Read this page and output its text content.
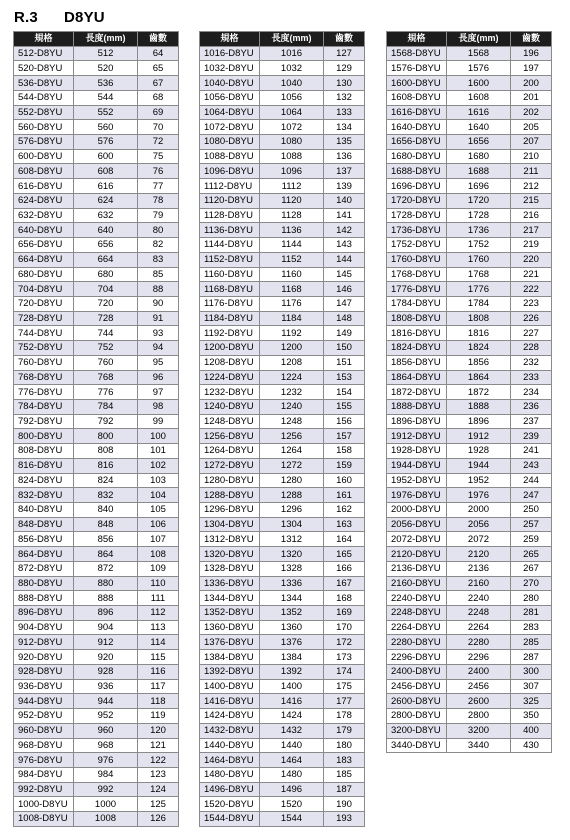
R.3	D8YU
規格	長度(mm)	齒數
512-D8YU	512	64
520-D8YU	520	65
536-D8YU	536	67
544-D8YU	544	68
552-D8YU	552	69
560-D8YU	560	70
576-D8YU	576	72
600-D8YU	600	75
608-D8YU	608	76
616-D8YU	616	77
624-D8YU	624	78
632-D8YU	632	79
640-D8YU	640	80
656-D8YU	656	82
664-D8YU	664	83
680-D8YU	680	85
704-D8YU	704	88
720-D8YU	720	90
728-D8YU	728	91
744-D8YU	744	93
752-D8YU	752	94
760-D8YU	760	95
768-D8YU	768	96
776-D8YU	776	97
784-D8YU	784	98
792-D8YU	792	99
800-D8YU	800	100
808-D8YU	808	101
816-D8YU	816	102
824-D8YU	824	103
832-D8YU	832	104
840-D8YU	840	105
848-D8YU	848	106
856-D8YU	856	107
864-D8YU	864	108
872-D8YU	872	109
880-D8YU	880	110
888-D8YU	888	111
896-D8YU	896	112
904-D8YU	904	113
912-D8YU	912	114
920-D8YU	920	115
928-D8YU	928	116
936-D8YU	936	117
944-D8YU	944	118
952-D8YU	952	119
960-D8YU	960	120
968-D8YU	968	121
976-D8YU	976	122
984-D8YU	984	123
992-D8YU	992	124
1000-D8YU	1000	125
1008-D8YU	1008	126
規格	長度(mm)	齒數
1016-D8YU	1016	127
1032-D8YU	1032	129
1040-D8YU	1040	130
1056-D8YU	1056	132
1064-D8YU	1064	133
1072-D8YU	1072	134
1080-D8YU	1080	135
1088-D8YU	1088	136
1096-D8YU	1096	137
1112-D8YU	1112	139
1120-D8YU	1120	140
1128-D8YU	1128	141
1136-D8YU	1136	142
1144-D8YU	1144	143
1152-D8YU	1152	144
1160-D8YU	1160	145
1168-D8YU	1168	146
1176-D8YU	1176	147
1184-D8YU	1184	148
1192-D8YU	1192	149
1200-D8YU	1200	150
1208-D8YU	1208	151
1224-D8YU	1224	153
1232-D8YU	1232	154
1240-D8YU	1240	155
1248-D8YU	1248	156
1256-D8YU	1256	157
1264-D8YU	1264	158
1272-D8YU	1272	159
1280-D8YU	1280	160
1288-D8YU	1288	161
1296-D8YU	1296	162
1304-D8YU	1304	163
1312-D8YU	1312	164
1320-D8YU	1320	165
1328-D8YU	1328	166
1336-D8YU	1336	167
1344-D8YU	1344	168
1352-D8YU	1352	169
1360-D8YU	1360	170
1376-D8YU	1376	172
1384-D8YU	1384	173
1392-D8YU	1392	174
1400-D8YU	1400	175
1416-D8YU	1416	177
1424-D8YU	1424	178
1432-D8YU	1432	179
1440-D8YU	1440	180
1464-D8YU	1464	183
1480-D8YU	1480	185
1496-D8YU	1496	187
1520-D8YU	1520	190
1544-D8YU	1544	193
規格	長度(mm)	齒數
1568-D8YU	1568	196
1576-D8YU	1576	197
1600-D8YU	1600	200
1608-D8YU	1608	201
1616-D8YU	1616	202
1640-D8YU	1640	205
1656-D8YU	1656	207
1680-D8YU	1680	210
1688-D8YU	1688	211
1696-D8YU	1696	212
1720-D8YU	1720	215
1728-D8YU	1728	216
1736-D8YU	1736	217
1752-D8YU	1752	219
1760-D8YU	1760	220
1768-D8YU	1768	221
1776-D8YU	1776	222
1784-D8YU	1784	223
1808-D8YU	1808	226
1816-D8YU	1816	227
1824-D8YU	1824	228
1856-D8YU	1856	232
1864-D8YU	1864	233
1872-D8YU	1872	234
1888-D8YU	1888	236
1896-D8YU	1896	237
1912-D8YU	1912	239
1928-D8YU	1928	241
1944-D8YU	1944	243
1952-D8YU	1952	244
1976-D8YU	1976	247
2000-D8YU	2000	250
2056-D8YU	2056	257
2072-D8YU	2072	259
2120-D8YU	2120	265
2136-D8YU	2136	267
2160-D8YU	2160	270
2240-D8YU	2240	280
2248-D8YU	2248	281
2264-D8YU	2264	283
2280-D8YU	2280	285
2296-D8YU	2296	287
2400-D8YU	2400	300
2456-D8YU	2456	307
2600-D8YU	2600	325
2800-D8YU	2800	350
3200-D8YU	3200	400
3440-D8YU	3440	430
